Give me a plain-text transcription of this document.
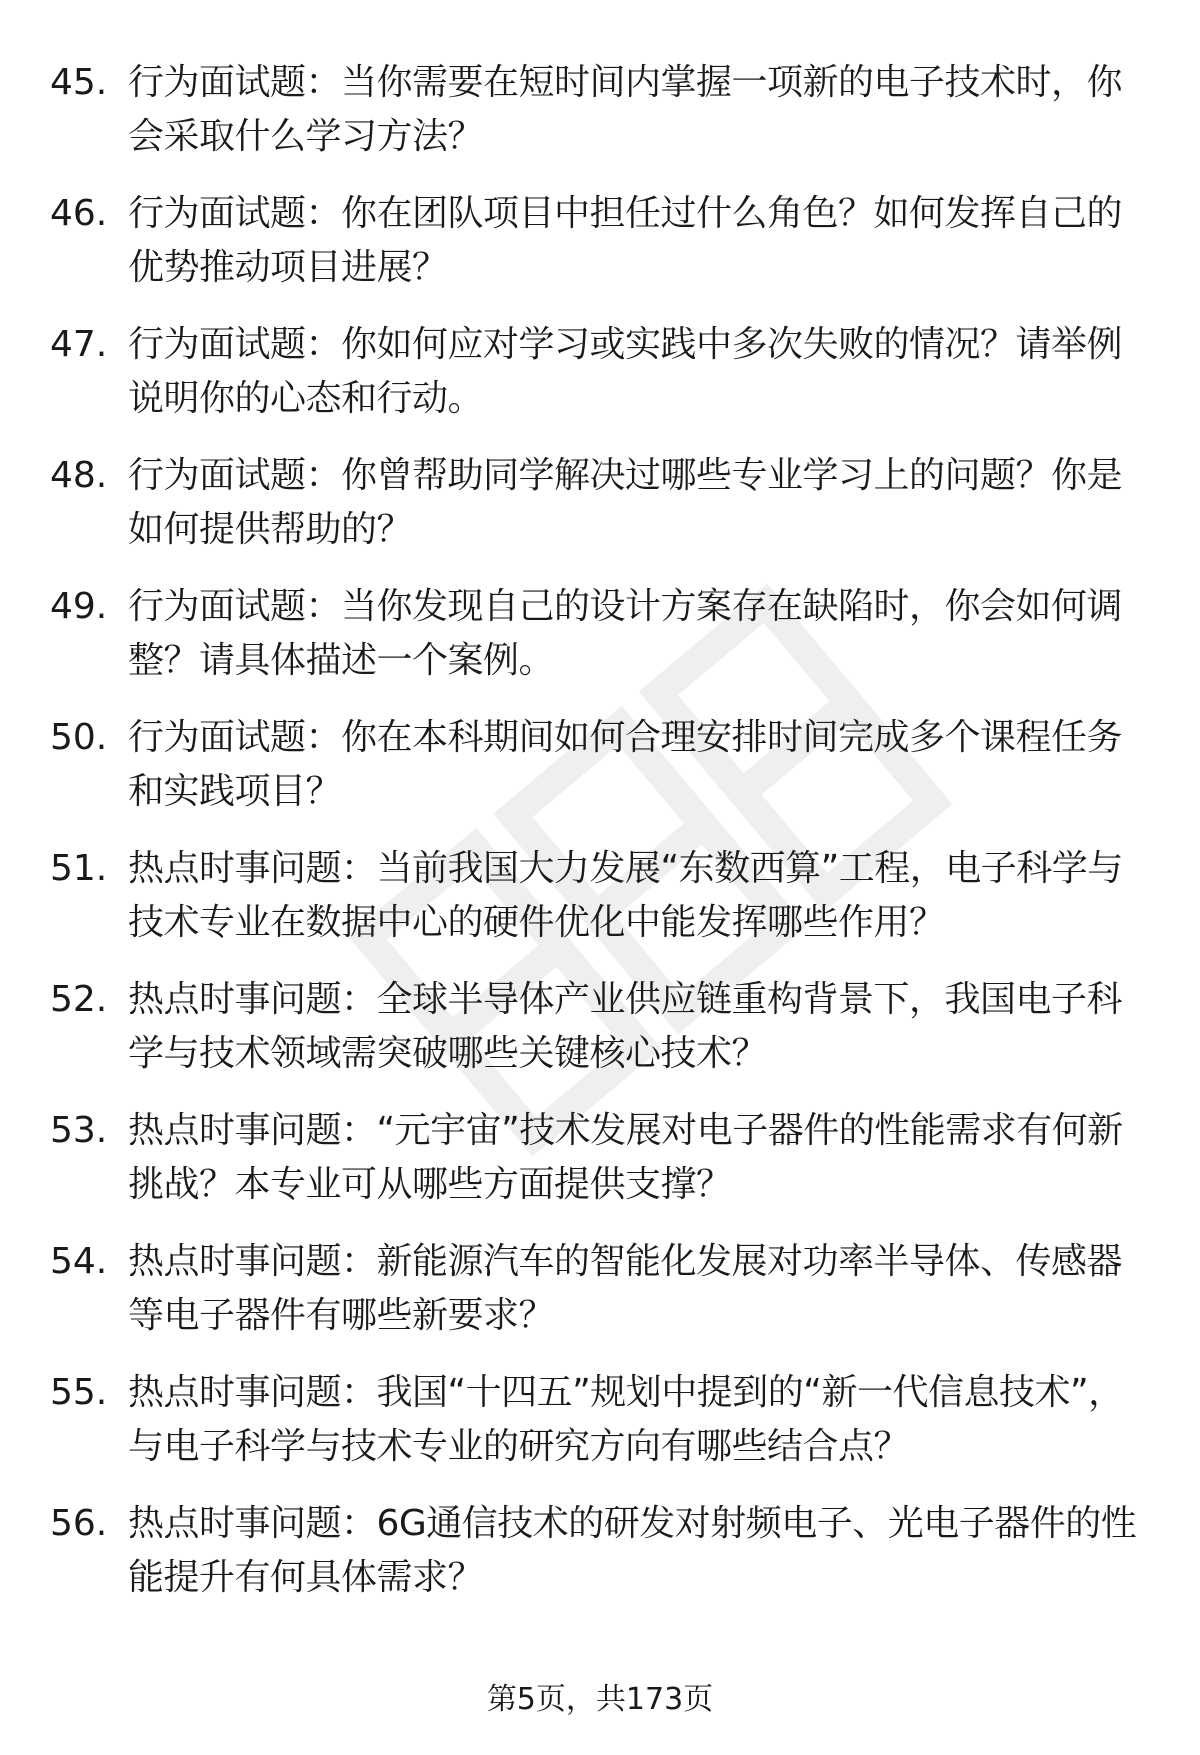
45. 行为面试题：当你需要在短时间内掌握一项新的电子技术时，你会采取什么学习方法？
46. 行为面试题：你在团队项目中担任过什么角色？如何发挥自己的优势推动项目进展？
47. 行为面试题：你如何应对学习或实践中多次失败的情况？请举例说明你的心态和行动。
48. 行为面试题：你曾帮助同学解决过哪些专业学习上的问题？你是如何提供帮助的？
49. 行为面试题：当你发现自己的设计方案存在缺陷时，你会如何调整？请具体描述一个案例。
50. 行为面试题：你在本科期间如何合理安排时间完成多个课程任务和实践项目？
51. 热点时事问题：当前我国大力发展“东数西算”工程，电子科学与技术专业在数据中心的硬件优化中能发挥哪些作用？
52. 热点时事问题：全球半导体产业供应链重构背景下，我国电子科学与技术领域需突破哪些关键核心技术？
53. 热点时事问题：“元宇宙”技术发展对电子器件的性能需求有何新挑战？本专业可从哪些方面提供支撑？
54. 热点时事问题：新能源汽车的智能化发展对功率半导体、传感器等电子器件有哪些新要求？
55. 热点时事问题：我国“十四五”规划中提到的“新一代信息技术”，与电子科学与技术专业的研究方向有哪些结合点？
56. 热点时事问题：6G通信技术的研发对射频电子、光电子器件的性能提升有何具体需求？
第5页，共173页
